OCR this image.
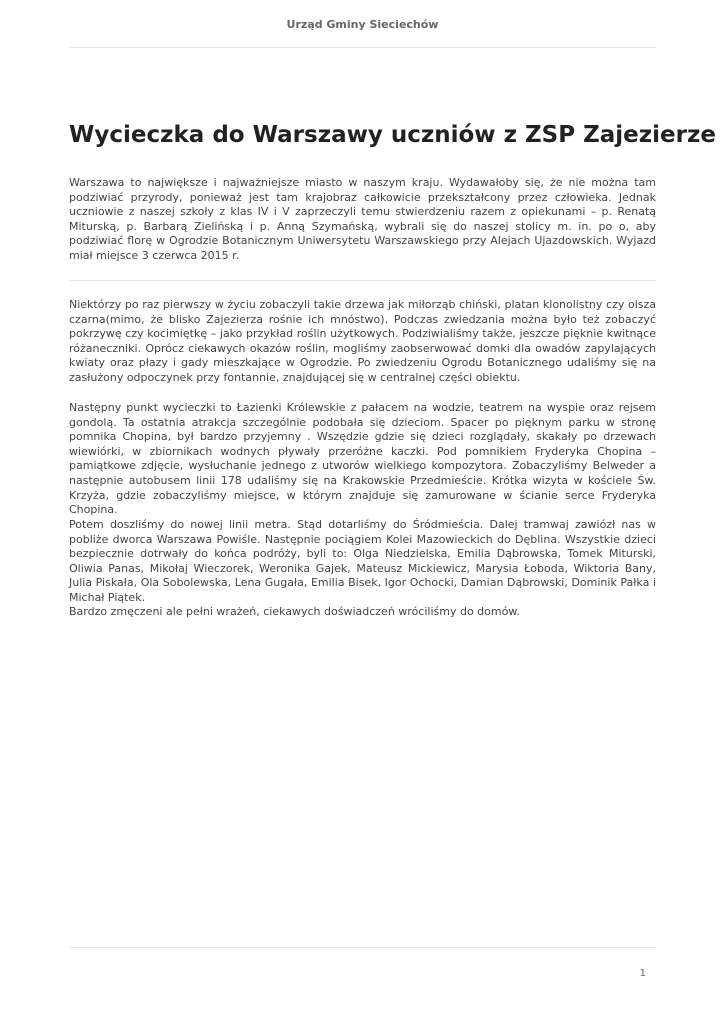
Urząd Gminy Sieciechów
Wycieczka do Warszawy uczniów z ZSP Zajezierze

Warszawa to największe i najważniejsze miasto w naszym kraju. Wydawałoby się, że nie można tam podziwiać przyrody, ponieważ jest tam krajobraz całkowicie przekształcony przez człowieka. Jednak uczniowie z naszej szkoły z klas IV i V zaprzeczyli temu stwierdzeniu razem z opiekunami – p. Renatą Miturską, p. Barbarą Zielińską i p. Anną Szymańską, wybrali się do naszej stolicy m. in. po o, aby podziwiać florę w Ogrodzie Botanicznym Uniwersytetu Warszawskiego przy Alejach Ujazdowskich. Wyjazd miał miejsce 3 czerwca 2015 r.

Niektórzy po raz pierwszy w życiu zobaczyli takie drzewa jak miłorząb chiński, platan klonolistny czy olsza czarna(mimo, że blisko Zajezierza rośnie ich mnóstwo). Podczas zwiedzania można było też zobaczyć pokrzywę czy kocimiętkę – jako przykład roślin użytkowych. Podziwialiśmy także, jeszcze pięknie kwitnące różaneczniki. Oprócz ciekawych okazów roślin, mogliśmy zaobserwować domki dla owadów zapylających kwiaty oraz płazy i gady mieszkające w Ogrodzie. Po zwiedzeniu Ogrodu Botanicznego udaliśmy się na zasłużony odpoczynek przy fontannie, znajdującej się w centralnej części obiektu.

Następny punkt wycieczki to Łazienki Królewskie z pałacem na wodzie, teatrem na wyspie oraz rejsem gondolą. Ta ostatnia atrakcja szczególnie podobała się dzieciom. Spacer po pięknym parku w stronę pomnika Chopina, był bardzo przyjemny . Wszędzie gdzie się dzieci rozglądały, skakały po drzewach wiewiórki, w zbiornikach wodnych pływały przeróżne kaczki. Pod pomnikiem Fryderyka Chopina – pamiątkowe zdjęcie, wysłuchanie jednego z utworów wielkiego kompozytora. Zobaczyliśmy Belweder a następnie autobusem linii 178 udaliśmy się na Krakowskie Przedmieście. Krótka wizyta w kościele Św. Krzyża, gdzie zobaczyliśmy miejsce, w którym znajduje się zamurowane w ścianie serce Fryderyka Chopina.

Potem doszliśmy do nowej linii metra. Stąd dotarliśmy do Śródmieścia. Dalej tramwaj zawiózł nas w pobliże dworca Warszawa Powiśle. Następnie pociągiem Kolei Mazowieckich do Dęblina. Wszystkie dzieci bezpiecznie dotrwały do końca podróży, byli to: Olga Niedzielska, Emilia Dąbrowska, Tomek Miturski, Oliwia Panas, Mikołaj Wieczorek, Weronika Gajek, Mateusz Mickiewicz, Marysia Łoboda, Wiktoria Bany, Julia Piskała, Ola Sobolewska, Lena Gugała, Emilia Bisek, Igor Ochocki, Damian Dąbrowski, Dominik Pałka i Michał Piątek.

Bardzo zmęczeni ale pełni wrażeń, ciekawych doświadczeń wróciliśmy do domów.

1
